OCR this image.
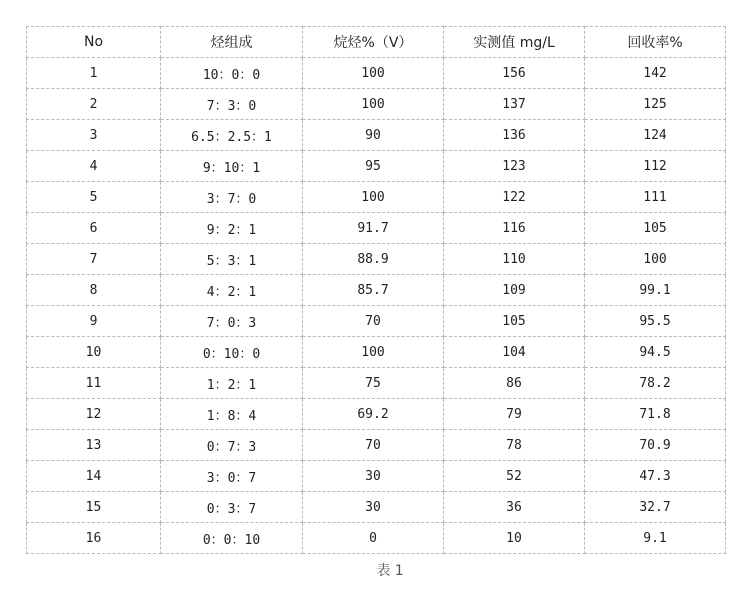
No	烃组成	烷烃%（V）	实测值 mg/L	回收率%
1	10：0：0	100	156	142
2	7：3：0	100	137	125
3	6.5：2.5：1	90	136	124
4	9：10：1	95	123	112
5	3：7：0	100	122	111
6	9：2：1	91.7	116	105
7	5：3：1	88.9	110	100
8	4：2：1	85.7	109	99.1
9	7：0：3	70	105	95.5
10	0：10：0	100	104	94.5
11	1：2：1	75	86	78.2
12	1：8：4	69.2	79	71.8
13	0：7：3	70	78	70.9
14	3：0：7	30	52	47.3
15	0：3：7	30	36	32.7
16	0：0：10	0	10	9.1
表 1
